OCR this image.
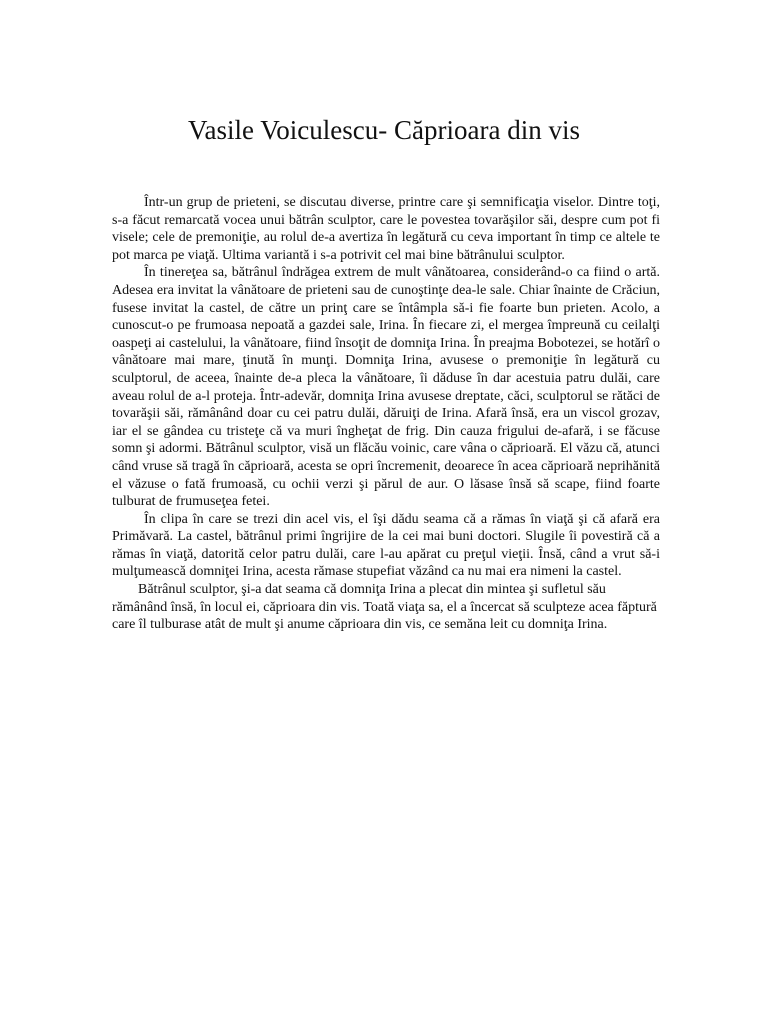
Vasile Voiculescu- Căprioara din vis

Într-un grup de prieteni, se discutau diverse, printre care şi semnificaţia viselor. Dintre toţi, s-a făcut remarcată vocea unui bătrân sculptor, care le povestea tovarăşilor săi, despre cum pot fi visele; cele de premoniţie, au rolul de-a avertiza în legătură cu ceva important în timp ce altele te pot marca pe viaţă. Ultima variantă i s-a potrivit cel mai bine bătrânului sculptor.

În tinereţea sa, bătrânul îndrăgea extrem de mult vânătoarea, considerând-o ca fiind o artă. Adesea era invitat la vânătoare de prieteni sau de cunoştinţe dea-le sale. Chiar înainte de Crăciun, fusese invitat la castel, de către un prinţ care se întâmpla să-i fie foarte bun prieten. Acolo, a cunoscut-o pe frumoasa nepoată a gazdei sale, Irina. În fiecare zi, el mergea împreună cu ceilalţi oaspeţi ai castelului, la vânătoare, fiind însoţit de domniţa Irina. În preajma Bobotezei, se hotărî o vânătoare mai mare, ţinută în munţi. Domniţa Irina, avusese o premoniţie în legătură cu sculptorul, de aceea, înainte de-a pleca la vânătoare, îi dăduse în dar acestuia patru dulăi, care aveau rolul de a-l proteja. Într-adevăr, domniţa Irina avusese dreptate, căci, sculptorul se rătăci de tovarăşii săi, rămânând doar cu cei patru dulăi, dăruiţi de Irina. Afară însă, era un viscol grozav, iar el se gândea cu tristeţe că va muri îngheţat de frig. Din cauza frigului de-afară, i se făcuse somn şi adormi. Bătrânul sculptor, visă un flăcău voinic, care vâna o căprioară. El văzu că, atunci când vruse să tragă în căprioară, acesta se opri încremenit, deoarece în acea căprioară neprihănită el văzuse o fată frumoasă, cu ochii verzi şi părul de aur. O lăsase însă să scape, fiind foarte tulburat de frumuseţea fetei.

În clipa în care se trezi din acel vis, el îşi dădu seama că a rămas în viaţă şi că afară era Primăvară. La castel, bătrânul primi îngrijire de la cei mai buni doctori. Slugile îi povestiră că a rămas în viaţă, datorită celor patru dulăi, care l-au apărat cu preţul vieţii. Însă, când a vrut să-i mulţumească domniţei Irina, acesta rămase stupefiat văzând ca nu mai era nimeni la castel.

Bătrânul sculptor, şi-a dat seama că domniţa Irina a plecat din mintea şi sufletul său rămânând însă, în locul ei, căprioara din vis. Toată viaţa sa, el a încercat să sculpteze acea făptură care îl tulburase atât de mult şi anume căprioara din vis, ce semăna leit cu domniţa Irina.
